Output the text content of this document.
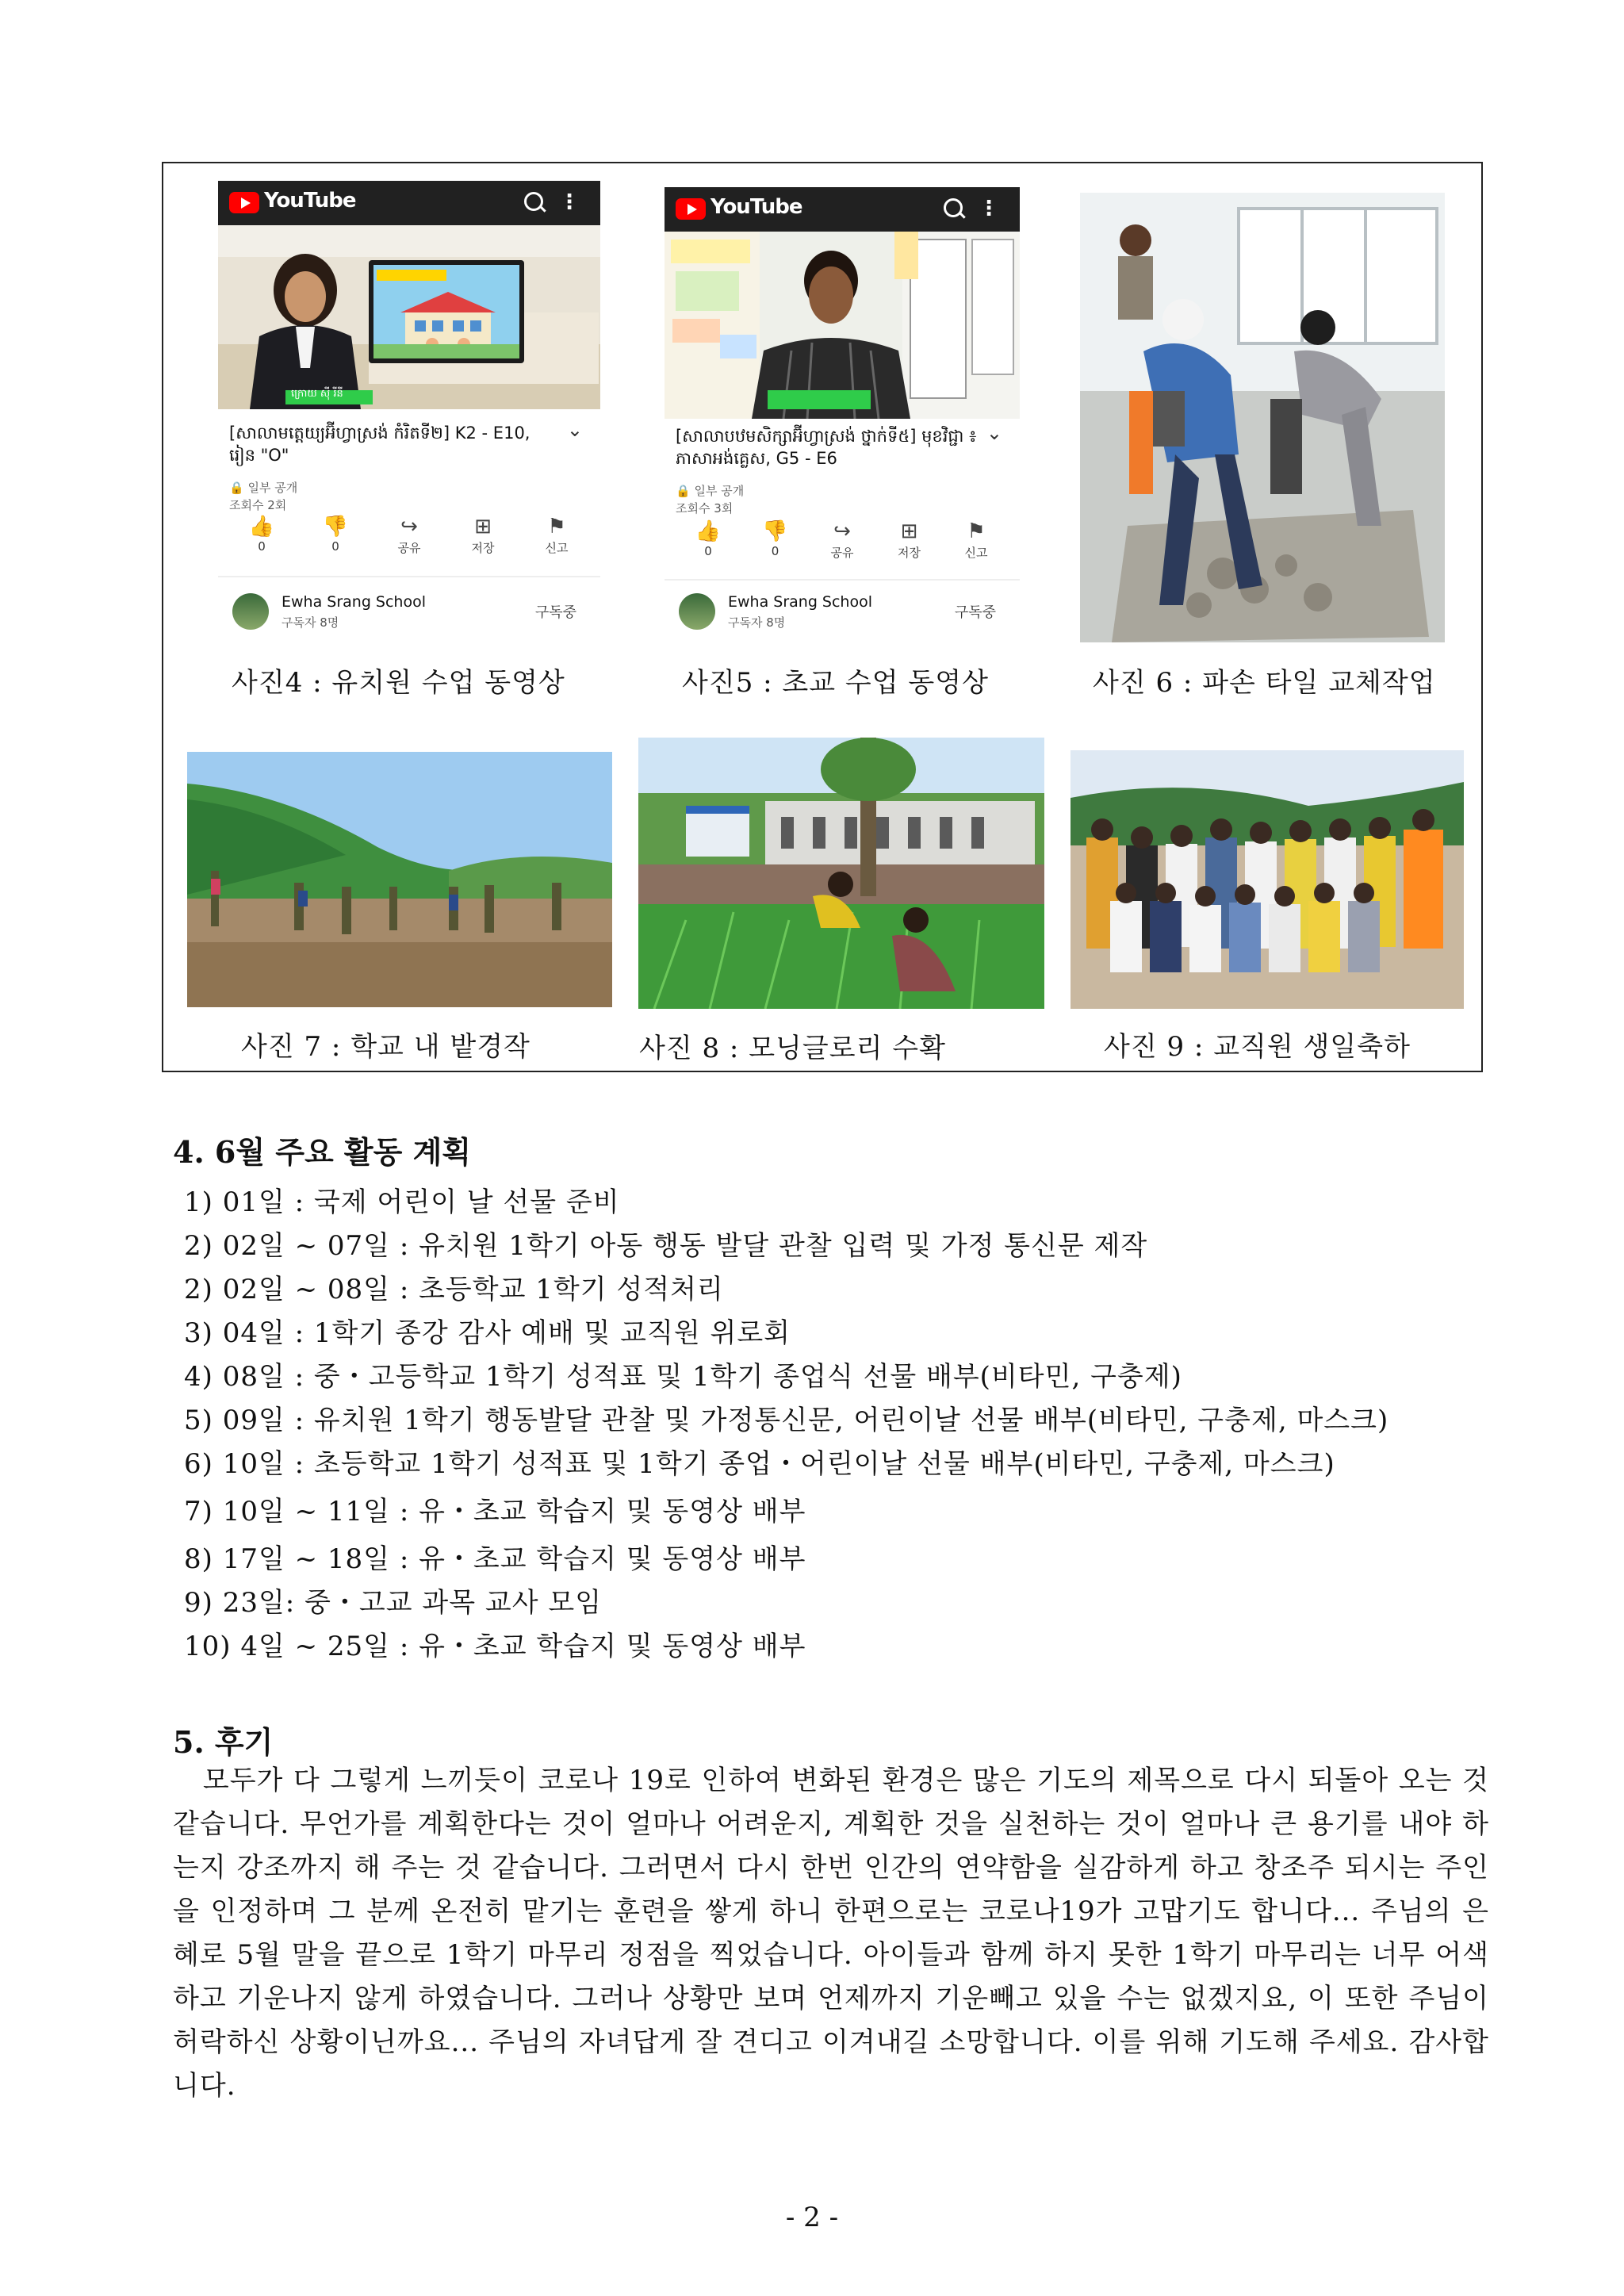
YouTube	⋮
ក្រោយ ស៊ី រីនី
[សាលាមត្តេយ្យអ៊ីហ្វាស្រង់ កំរិតទី២] K2 - E10, រៀន "O"
⌄
🔒 일부 공개
조회수 2회
👍
0
👎
0
↪
공유
⊞
저장
⚑
신고
Ewha Srang School
구독자 8명
구독중
YouTube	⋮
[សាលាបឋមសិក្សាអ៊ីហ្វាស្រង់ ថ្នាក់ទី៥] មុខវិជ្ជា ៖ ភាសាអង់គ្លេស, G5 - E6
⌄
🔒 일부 공개
조회수 3회
👍
0
👎
0
↪
공유
⊞
저장
⚑
신고
Ewha Srang School
구독자 8명
구독중
사진4 : 유치원 수업 동영상	사진5 : 초교 수업 동영상	사진 6 : 파손 타일 교체작업
사진 7 : 학교 내 밭경작	사진 8 : 모닝글로리 수확	사진 9 : 교직원 생일축하
4. 6월 주요 활동 계획
1) 01일 : 국제 어린이 날 선물 준비
2) 02일 ~ 07일 : 유치원 1학기 아동 행동 발달 관찰 입력 및 가정 통신문 제작
2) 02일 ~ 08일 : 초등학교 1학기 성적처리
3) 04일 : 1학기 종강 감사 예배 및 교직원 위로회
4) 08일 : 중・고등학교 1학기 성적표 및 1학기 종업식 선물 배부(비타민, 구충제)
5) 09일 : 유치원 1학기 행동발달 관찰 및 가정통신문, 어린이날 선물 배부(비타민, 구충제, 마스크)
6) 10일 : 초등학교 1학기 성적표 및 1학기 종업・어린이날 선물 배부(비타민, 구충제, 마스크)
7) 10일 ~ 11일 : 유・초교 학습지 및 동영상 배부
8) 17일 ~ 18일 : 유・초교 학습지 및 동영상 배부
9) 23일: 중・고교 과목 교사 모임
10) 4일 ~ 25일 : 유・초교 학습지 및 동영상 배부
5. 후기
모두가 다 그렇게 느끼듯이 코로나 19로 인하여 변화된 환경은 많은 기도의 제목으로 다시 되돌아 오는 것 같습니다. 무언가를 계획한다는 것이 얼마나 어려운지, 계획한 것을 실천하는 것이 얼마나 큰 용기를 내야 하는지 강조까지 해 주는 것 같습니다. 그러면서 다시 한번 인간의 연약함을 실감하게 하고 창조주 되시는 주인을 인정하며 그 분께 온전히 맡기는 훈련을 쌓게 하니 한편으로는 코로나19가 고맙기도 합니다... 주님의 은혜로 5월 말을 끝으로 1학기 마무리 정점을 찍었습니다. 아이들과 함께 하지 못한 1학기 마무리는 너무 어색하고 기운나지 않게 하였습니다. 그러나 상황만 보며 언제까지 기운빼고 있을 수는 없겠지요, 이 또한 주님이 허락하신 상황이닌까요... 주님의 자녀답게 잘 견디고 이겨내길 소망합니다. 이를 위해 기도해 주세요. 감사합니다.
- 2 -
